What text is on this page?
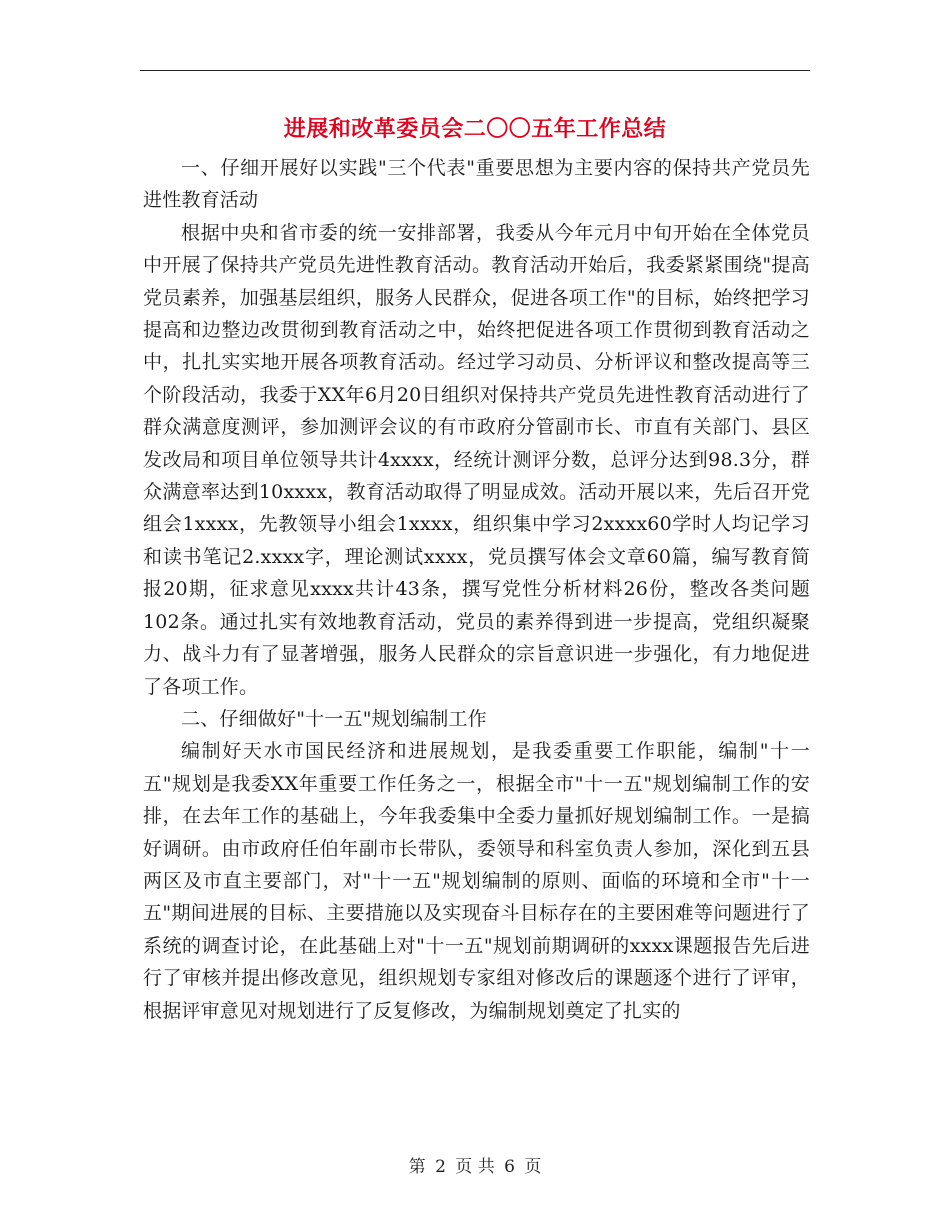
进展和改革委员会二〇〇五年工作总结

一、仔细开展好以实践"三个代表"重要思想为主要内容的保持共产党员先进性教育活动

根据中央和省市委的统一安排部署，我委从今年元月中旬开始在全体党员中开展了保持共产党员先进性教育活动。教育活动开始后，我委紧紧围绕"提高党员素养，加强基层组织，服务人民群众，促进各项工作"的目标，始终把学习提高和边整边改贯彻到教育活动之中，始终把促进各项工作贯彻到教育活动之中，扎扎实实地开展各项教育活动。经过学习动员、分析评议和整改提高等三个阶段活动，我委于XX年6月20日组织对保持共产党员先进性教育活动进行了群众满意度测评，参加测评会议的有市政府分管副市长、市直有关部门、县区发改局和项目单位领导共计4xxxx，经统计测评分数，总评分达到98.3分，群众满意率达到10xxxx，教育活动取得了明显成效。活动开展以来，先后召开党组会1xxxx，先教领导小组会1xxxx，组织集中学习2xxxx60学时人均记学习和读书笔记2.xxxx字，理论测试xxxx，党员撰写体会文章60篇，编写教育简报20期，征求意见xxxx共计43条，撰写党性分析材料26份，整改各类问题102条。通过扎实有效地教育活动，党员的素养得到进一步提高，党组织凝聚力、战斗力有了显著增强，服务人民群众的宗旨意识进一步强化，有力地促进了各项工作。

二、仔细做好"十一五"规划编制工作

编制好天水市国民经济和进展规划，是我委重要工作职能，编制"十一五"规划是我委XX年重要工作任务之一，根据全市"十一五"规划编制工作的安排，在去年工作的基础上，今年我委集中全委力量抓好规划编制工作。一是搞好调研。由市政府任伯年副市长带队，委领导和科室负责人参加，深化到五县两区及市直主要部门，对"十一五"规划编制的原则、面临的环境和全市"十一五"期间进展的目标、主要措施以及实现奋斗目标存在的主要困难等问题进行了系统的调查讨论，在此基础上对"十一五"规划前期调研的xxxx课题报告先后进行了审核并提出修改意见，组织规划专家组对修改后的课题逐个进行了评审，根据评审意见对规划进行了反复修改，为编制规划奠定了扎实的

第 2 页 共 6 页
